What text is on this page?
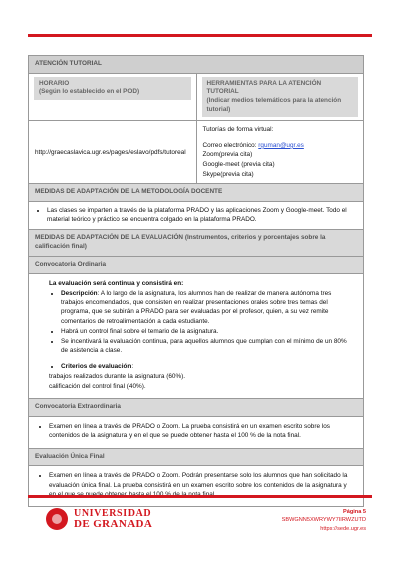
ATENCIÓN TUTORIAL
HORARIO
(Según lo establecido en el POD)
HERRAMIENTAS PARA LA ATENCIÓN TUTORIAL
(Indicar medios telemáticos para la atención tutorial)
http://graecaslavica.ugr.es/pages/eslavo/pdfs/tutoreal
Tutorías de forma virtual:
Correo electrónico: rguman@ugr.es
Zoom(previa cita)
Google-meet (previa cita)
Skype(previa cita)
MEDIDAS DE ADAPTACIÓN DE LA METODOLOGÍA DOCENTE
• Las clases se imparten a través de la plataforma PRADO y las aplicaciones Zoom y Google-meet. Todo el material teórico y práctico se encuentra colgado en la plataforma PRADO.
MEDIDAS DE ADAPTACIÓN DE LA EVALUACIÓN (Instrumentos, criterios y porcentajes sobre la calificación final)
Convocatoria Ordinaria
La evaluación será continua y consistirá en:
• Descripción: A lo largo de la asignatura, los alumnos han de realizar de manera autónoma tres trabajos encomendados, que consisten en realizar presentaciones orales sobre tres temas del programa, que se subirán a PRADO para ser evaluadas por el profesor, quien, a su vez remite comentarios de retroalimentación a cada estudiante.
• Habrá un control final sobre el temario de la asignatura.
• Se incentivará la evaluación continua, para aquellos alumnos que cumplan con el mínimo de un 80% de asistencia a clase.
• Criterios de evaluación:
trabajos realizados durante la asignatura (60%).
calificación del control final (40%).
Convocatoria Extraordinaria
• Examen en línea a través de PRADO o Zoom. La prueba consistirá en un examen escrito sobre los contenidos de la asignatura y en el que se puede obtener hasta el 100 % de la nota final.
Evaluación Única Final
• Examen en línea a través de PRADO o Zoom. Podrán presentarse solo los alumnos que han solicitado la evaluación única final. La prueba consistirá en un examen escrito sobre los contenidos de la asignatura y en el que se puede obtener hasta el 100 % de la nota final.
UNIVERSIDAD
DE GRANADA
Página 5
SBWGNN5XWRYWY7IIRWZUTD
https://sede.ugr.es
